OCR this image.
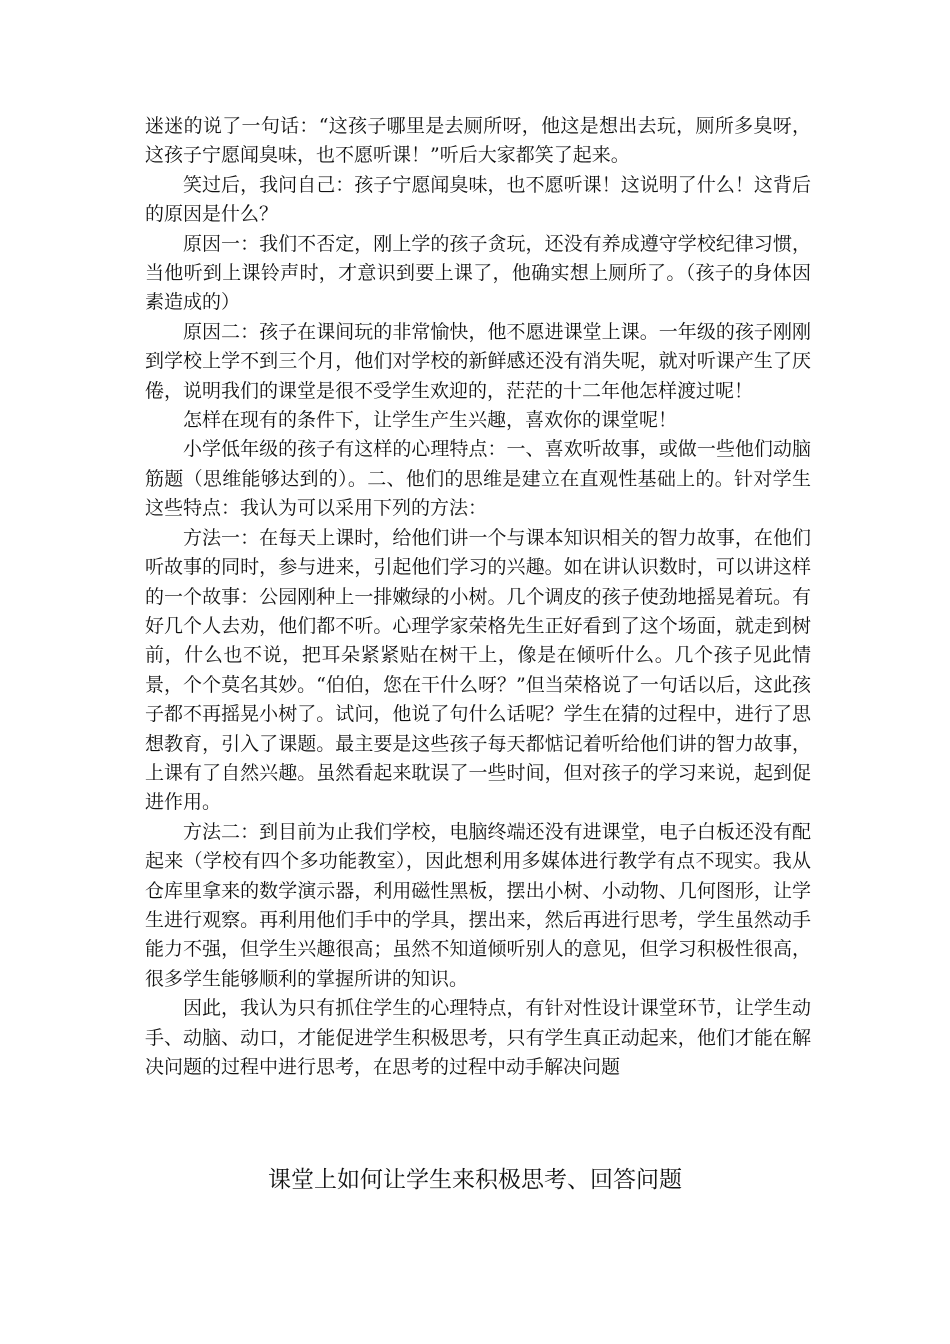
迷迷的说了一句话：“这孩子哪里是去厕所呀，他这是想出去玩，厕所多臭呀，这孩子宁愿闻臭味，也不愿听课！”听后大家都笑了起来。

笑过后，我问自己：孩子宁愿闻臭味，也不愿听课！这说明了什么！这背后的原因是什么？

原因一：我们不否定，刚上学的孩子贪玩，还没有养成遵守学校纪律习惯，当他听到上课铃声时，才意识到要上课了，他确实想上厕所了。（孩子的身体因素造成的）

原因二：孩子在课间玩的非常愉快，他不愿进课堂上课。一年级的孩子刚刚到学校上学不到三个月，他们对学校的新鲜感还没有消失呢，就对听课产生了厌倦，说明我们的课堂是很不受学生欢迎的，茫茫的十二年他怎样渡过呢！

怎样在现有的条件下，让学生产生兴趣，喜欢你的课堂呢！

小学低年级的孩子有这样的心理特点：一、喜欢听故事，或做一些他们动脑筋题（思维能够达到的）。二、他们的思维是建立在直观性基础上的。针对学生这些特点：我认为可以采用下列的方法：

方法一：在每天上课时，给他们讲一个与课本知识相关的智力故事，在他们听故事的同时，参与进来，引起他们学习的兴趣。如在讲认识数时，可以讲这样的一个故事：公园刚种上一排嫩绿的小树。几个调皮的孩子使劲地摇晃着玩。有好几个人去劝，他们都不听。心理学家荣格先生正好看到了这个场面，就走到树前，什么也不说，把耳朵紧紧贴在树干上，像是在倾听什么。几个孩子见此情景，个个莫名其妙。“伯伯，您在干什么呀？”但当荣格说了一句话以后，这此孩子都不再摇晃小树了。试问，他说了句什么话呢？学生在猜的过程中，进行了思想教育，引入了课题。最主要是这些孩子每天都惦记着听给他们讲的智力故事，上课有了自然兴趣。虽然看起来耽误了一些时间，但对孩子的学习来说，起到促进作用。

方法二：到目前为止我们学校，电脑终端还没有进课堂，电子白板还没有配起来（学校有四个多功能教室），因此想利用多媒体进行教学有点不现实。我从仓库里拿来的数学演示器，利用磁性黑板，摆出小树、小动物、几何图形，让学生进行观察。再利用他们手中的学具，摆出来，然后再进行思考，学生虽然动手能力不强，但学生兴趣很高；虽然不知道倾听别人的意见，但学习积极性很高，很多学生能够顺利的掌握所讲的知识。

因此，我认为只有抓住学生的心理特点，有针对性设计课堂环节，让学生动手、动脑、动口，才能促进学生积极思考，只有学生真正动起来，他们才能在解决问题的过程中进行思考，在思考的过程中动手解决问题

课堂上如何让学生来积极思考、回答问题
